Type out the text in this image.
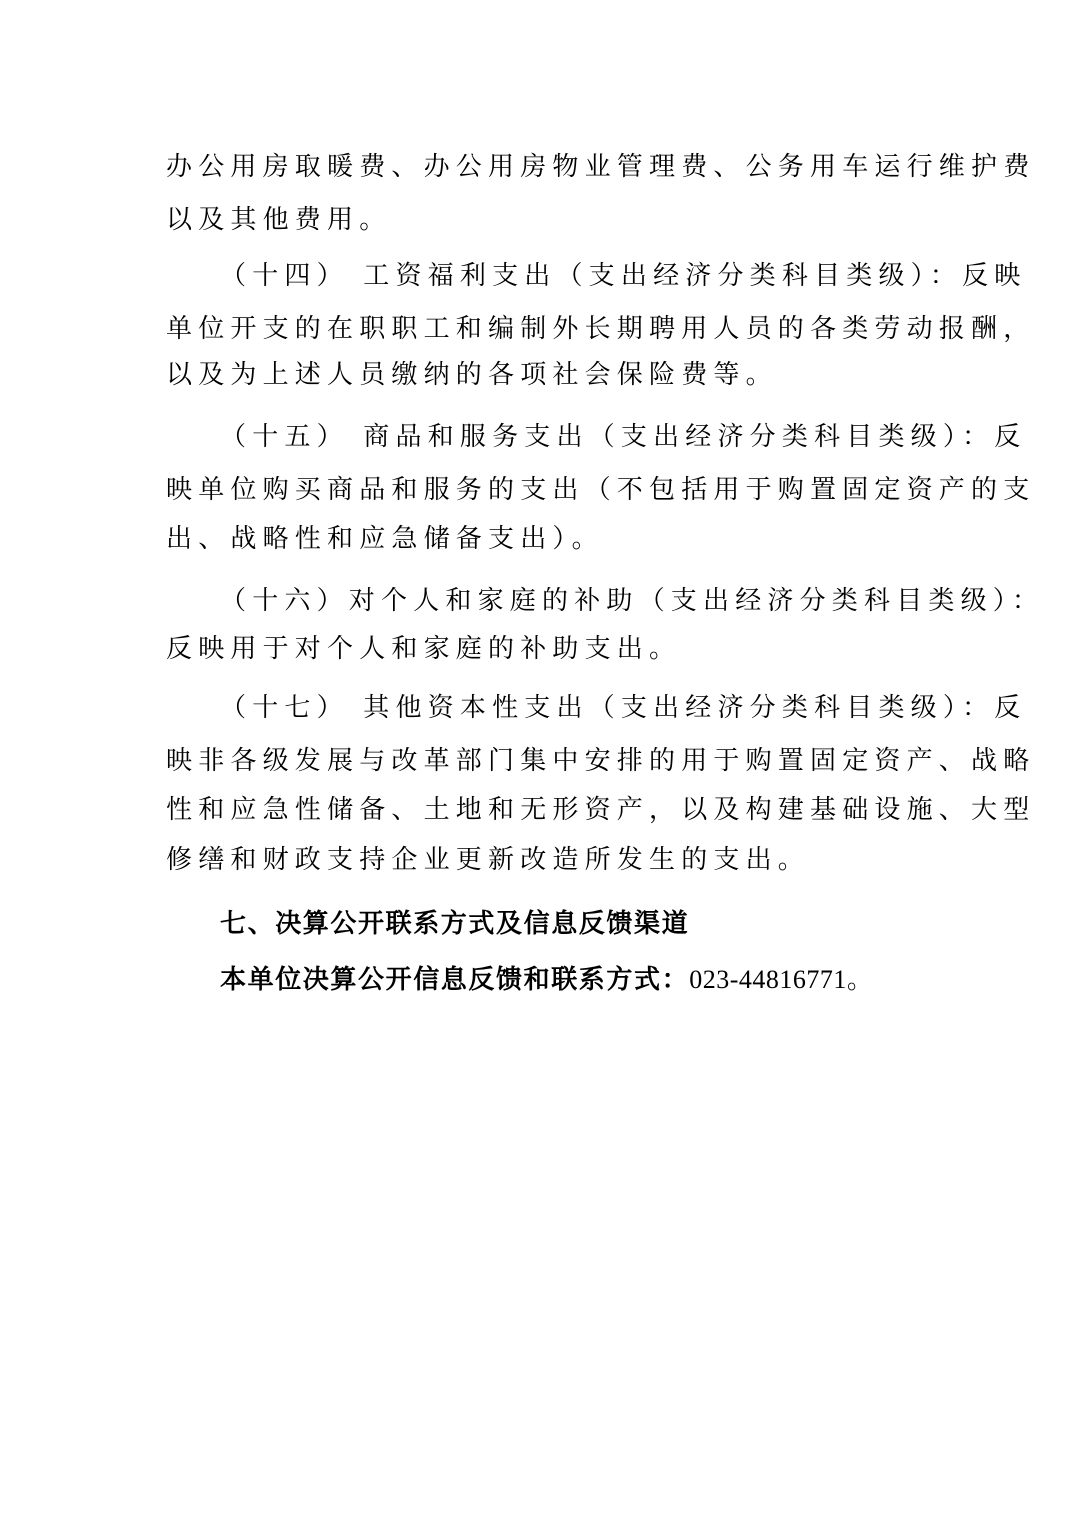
办公用房取暖费、办公用房物业管理费、公务用车运行维护费
以及其他费用。
（十四） 工资福利支出（支出经济分类科目类级）：反映
单位开支的在职职工和编制外长期聘用人员的各类劳动报酬，
以及为上述人员缴纳的各项社会保险费等。
（十五） 商品和服务支出（支出经济分类科目类级）：反
映单位购买商品和服务的支出（不包括用于购置固定资产的支
出、战略性和应急储备支出）。
（十六）对个人和家庭的补助（支出经济分类科目类级）：
反映用于对个人和家庭的补助支出。
（十七） 其他资本性支出（支出经济分类科目类级）：反
映非各级发展与改革部门集中安排的用于购置固定资产、战略
性和应急性储备、土地和无形资产，以及构建基础设施、大型
修缮和财政支持企业更新改造所发生的支出。
七、决算公开联系方式及信息反馈渠道
本单位决算公开信息反馈和联系方式：023-44816771。
